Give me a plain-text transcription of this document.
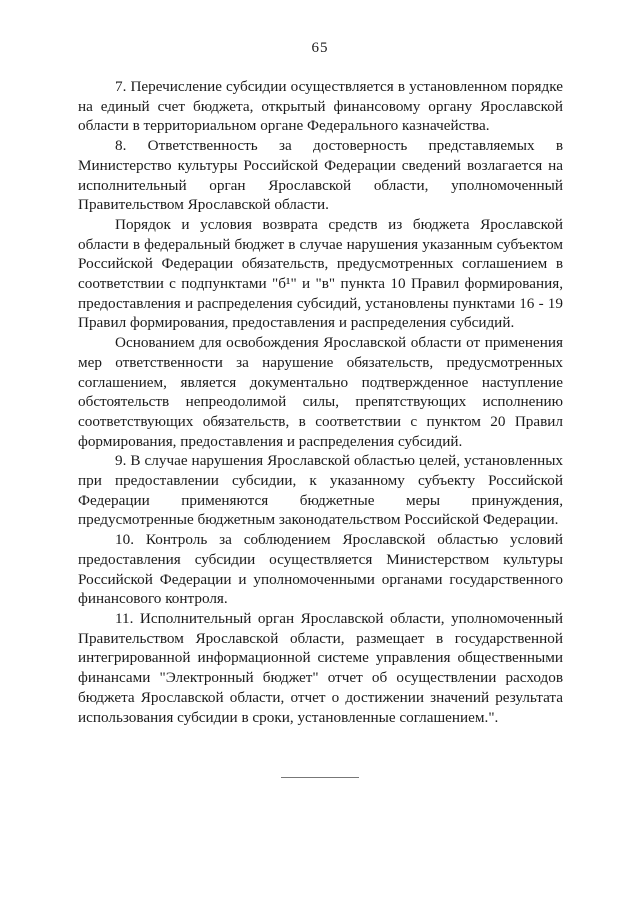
65

7. Перечисление субсидии осуществляется в установленном порядке на единый счет бюджета, открытый финансовому органу Ярославской области в территориальном органе Федерального казначейства.

8. Ответственность за достоверность представляемых в Министерство культуры Российской Федерации сведений возлагается на исполнительный орган Ярославской области, уполномоченный Правительством Ярославской области.

Порядок и условия возврата средств из бюджета Ярославской области в федеральный бюджет в случае нарушения указанным субъектом Российской Федерации обязательств, предусмотренных соглашением в соответствии с подпунктами "б¹" и "в" пункта 10 Правил формирования, предоставления и распределения субсидий, установлены пунктами 16 - 19 Правил формирования, предоставления и распределения субсидий.

Основанием для освобождения Ярославской области от применения мер ответственности за нарушение обязательств, предусмотренных соглашением, является документально подтвержденное наступление обстоятельств непреодолимой силы, препятствующих исполнению соответствующих обязательств, в соответствии с пунктом 20 Правил формирования, предоставления и распределения субсидий.

9. В случае нарушения Ярославской областью целей, установленных при предоставлении субсидии, к указанному субъекту Российской Федерации применяются бюджетные меры принуждения, предусмотренные бюджетным законодательством Российской Федерации.

10. Контроль за соблюдением Ярославской областью условий предоставления субсидии осуществляется Министерством культуры Российской Федерации и уполномоченными органами государственного финансового контроля.

11. Исполнительный орган Ярославской области, уполномоченный Правительством Ярославской области, размещает в государственной интегрированной информационной системе управления общественными финансами "Электронный бюджет" отчет об осуществлении расходов бюджета Ярославской области, отчет о достижении значений результата использования субсидии в сроки, установленные соглашением.".
